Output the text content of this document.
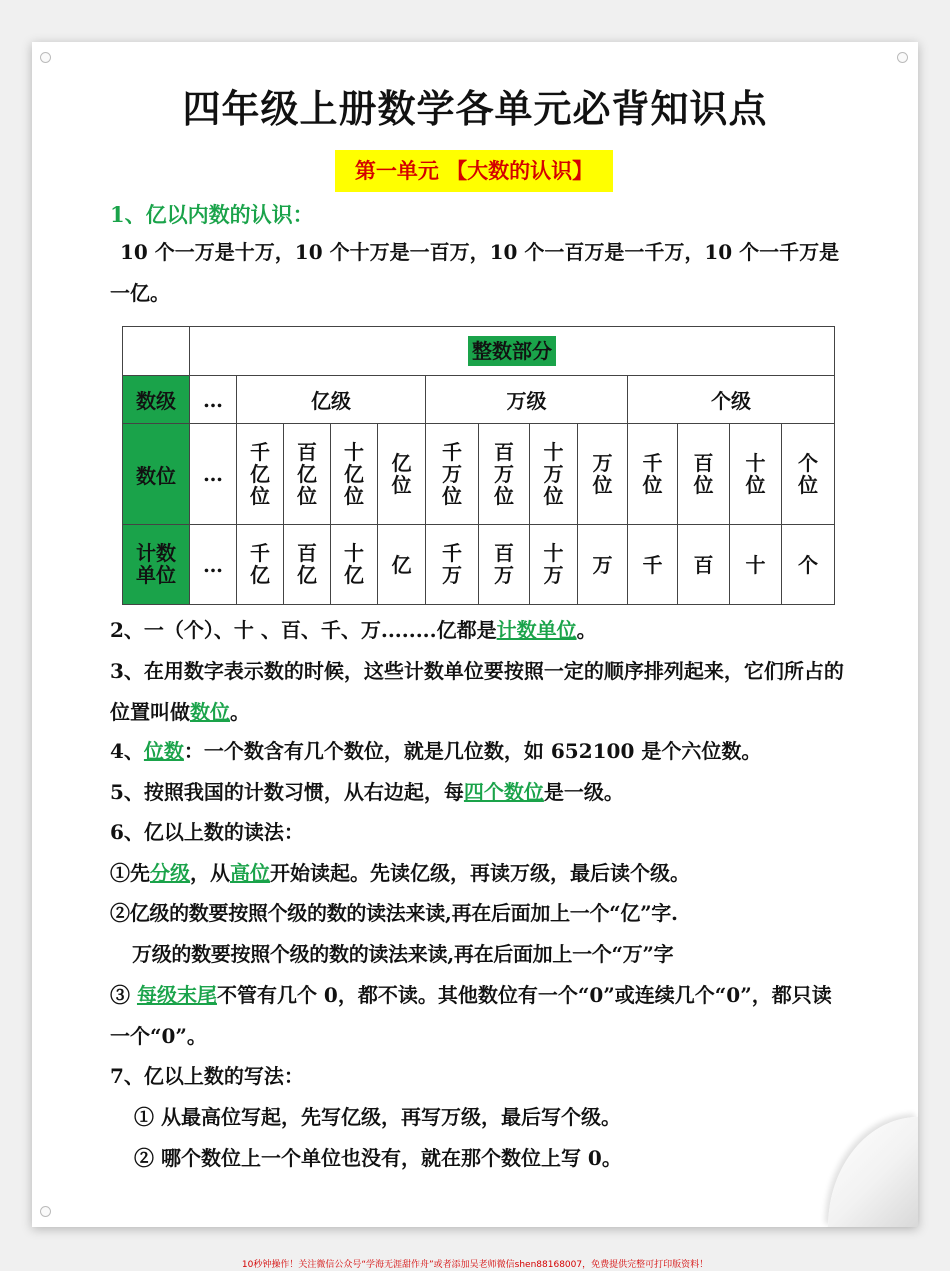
四年级上册数学各单元必背知识点
第一单元 【大数的认识】
1、亿以内数的认识：
10 个一万是十万，10 个十万是一百万，10 个一百万是一千万，10 个一千万是一亿。
	整数部分												
数级	…	亿级				万级				个级			
数位	…	千亿位	百亿位	十亿位	亿位	千万位	百万位	十万位	万位	千位	百位	十位	个位
计数单位	…	千亿	百亿	十亿	亿	千万	百万	十万	万	千	百	十	个
2、一（个）、十 、百、千、万........亿都是计数单位。
3、在用数字表示数的时候，这些计数单位要按照一定的顺序排列起来，它们所占的位置叫做数位。
4、位数：一个数含有几个数位，就是几位数，如 652100 是个六位数。
5、按照我国的计数习惯，从右边起，每四个数位是一级。
6、亿以上数的读法：
①先分级，从高位开始读起。先读亿级，再读万级，最后读个级。
②亿级的数要按照个级的数的读法来读,再在后面加上一个“亿”字.
万级的数要按照个级的数的读法来读,再在后面加上一个“万”字
③ 每级末尾不管有几个 0，都不读。其他数位有一个“0”或连续几个“0”，都只读一个“0”。
7、亿以上数的写法：
① 从最高位写起，先写亿级，再写万级，最后写个级。
② 哪个数位上一个单位也没有，就在那个数位上写 0。
10秒钟操作！关注微信公众号“学海无涯甜作舟”或者添加吴老师微信shen88168007，免费提供完整可打印版资料！
